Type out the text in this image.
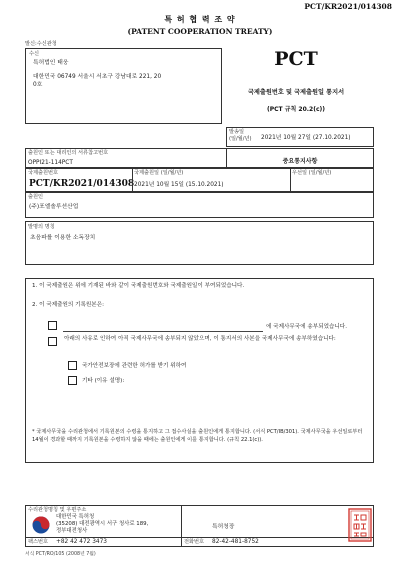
PCT/KR2021/014308
특 허 협 력 조 약
(PATENT COOPERATION TREATY)
발신:수신관청
수신
특허법인 태웅
대한민국 06749 서울시 서초구 강남대로 221, 20 0호
PCT
국제출원번호 및 국제출원일 통지서
(PCT 규칙 20.2(c))
발송일
(일/월/년) 2021년 10월 27일 (27.10.2021)
출원인 또는 대리인의 서류참고번호
OPPI21-114PCT	중요통지사항
국제출원번호
PCT/KR2021/014308
국제출원일 (일/월/년)
2021년 10월 15일 (15.10.2021)
우선일 (일/월/년)
출원인
(주)포엘솔루션산업
발명의 명칭
초음파를 이용한 소독장치
1. 이 국제출원은 위에 기재된 바와 같이 국제출원번호와 국제출원일이 부여되었습니다.
2. 이 국제출원의 기록원본은:
에 국제사무국에 송부되었습니다.
아래의 사유로 인하여 아직 국제사무국에 송부되지 않았으며, 이 통지서의 사본을 국제사무국에 송부하였습니다:
국가안전보장에 관련한 허가를 받기 위하여
기타 (이유 설명):
* 국제사무국을 수리관청에서 기록원본의 수령을 통지하고 그 접수사실을 출원인에게 통지합니다. (서식 PCT/IB/301). 국제사무국을 우선일로부터 14월이 경과할 때까지 기록원본을 수령하지 않을 때에는 출원인에게 이를 통지합니다. (규칙 22.1(c)).
수리관청명칭 및 우편주소
대한민국 특허청
(35208) 대전광역시 서구 청사로 189,
정부대전청사
팩스번호 +82 42 472 3473
특허청장
전화번호 82-42-481-8752
서식 PCT/RO/105 (2008년 7월)
